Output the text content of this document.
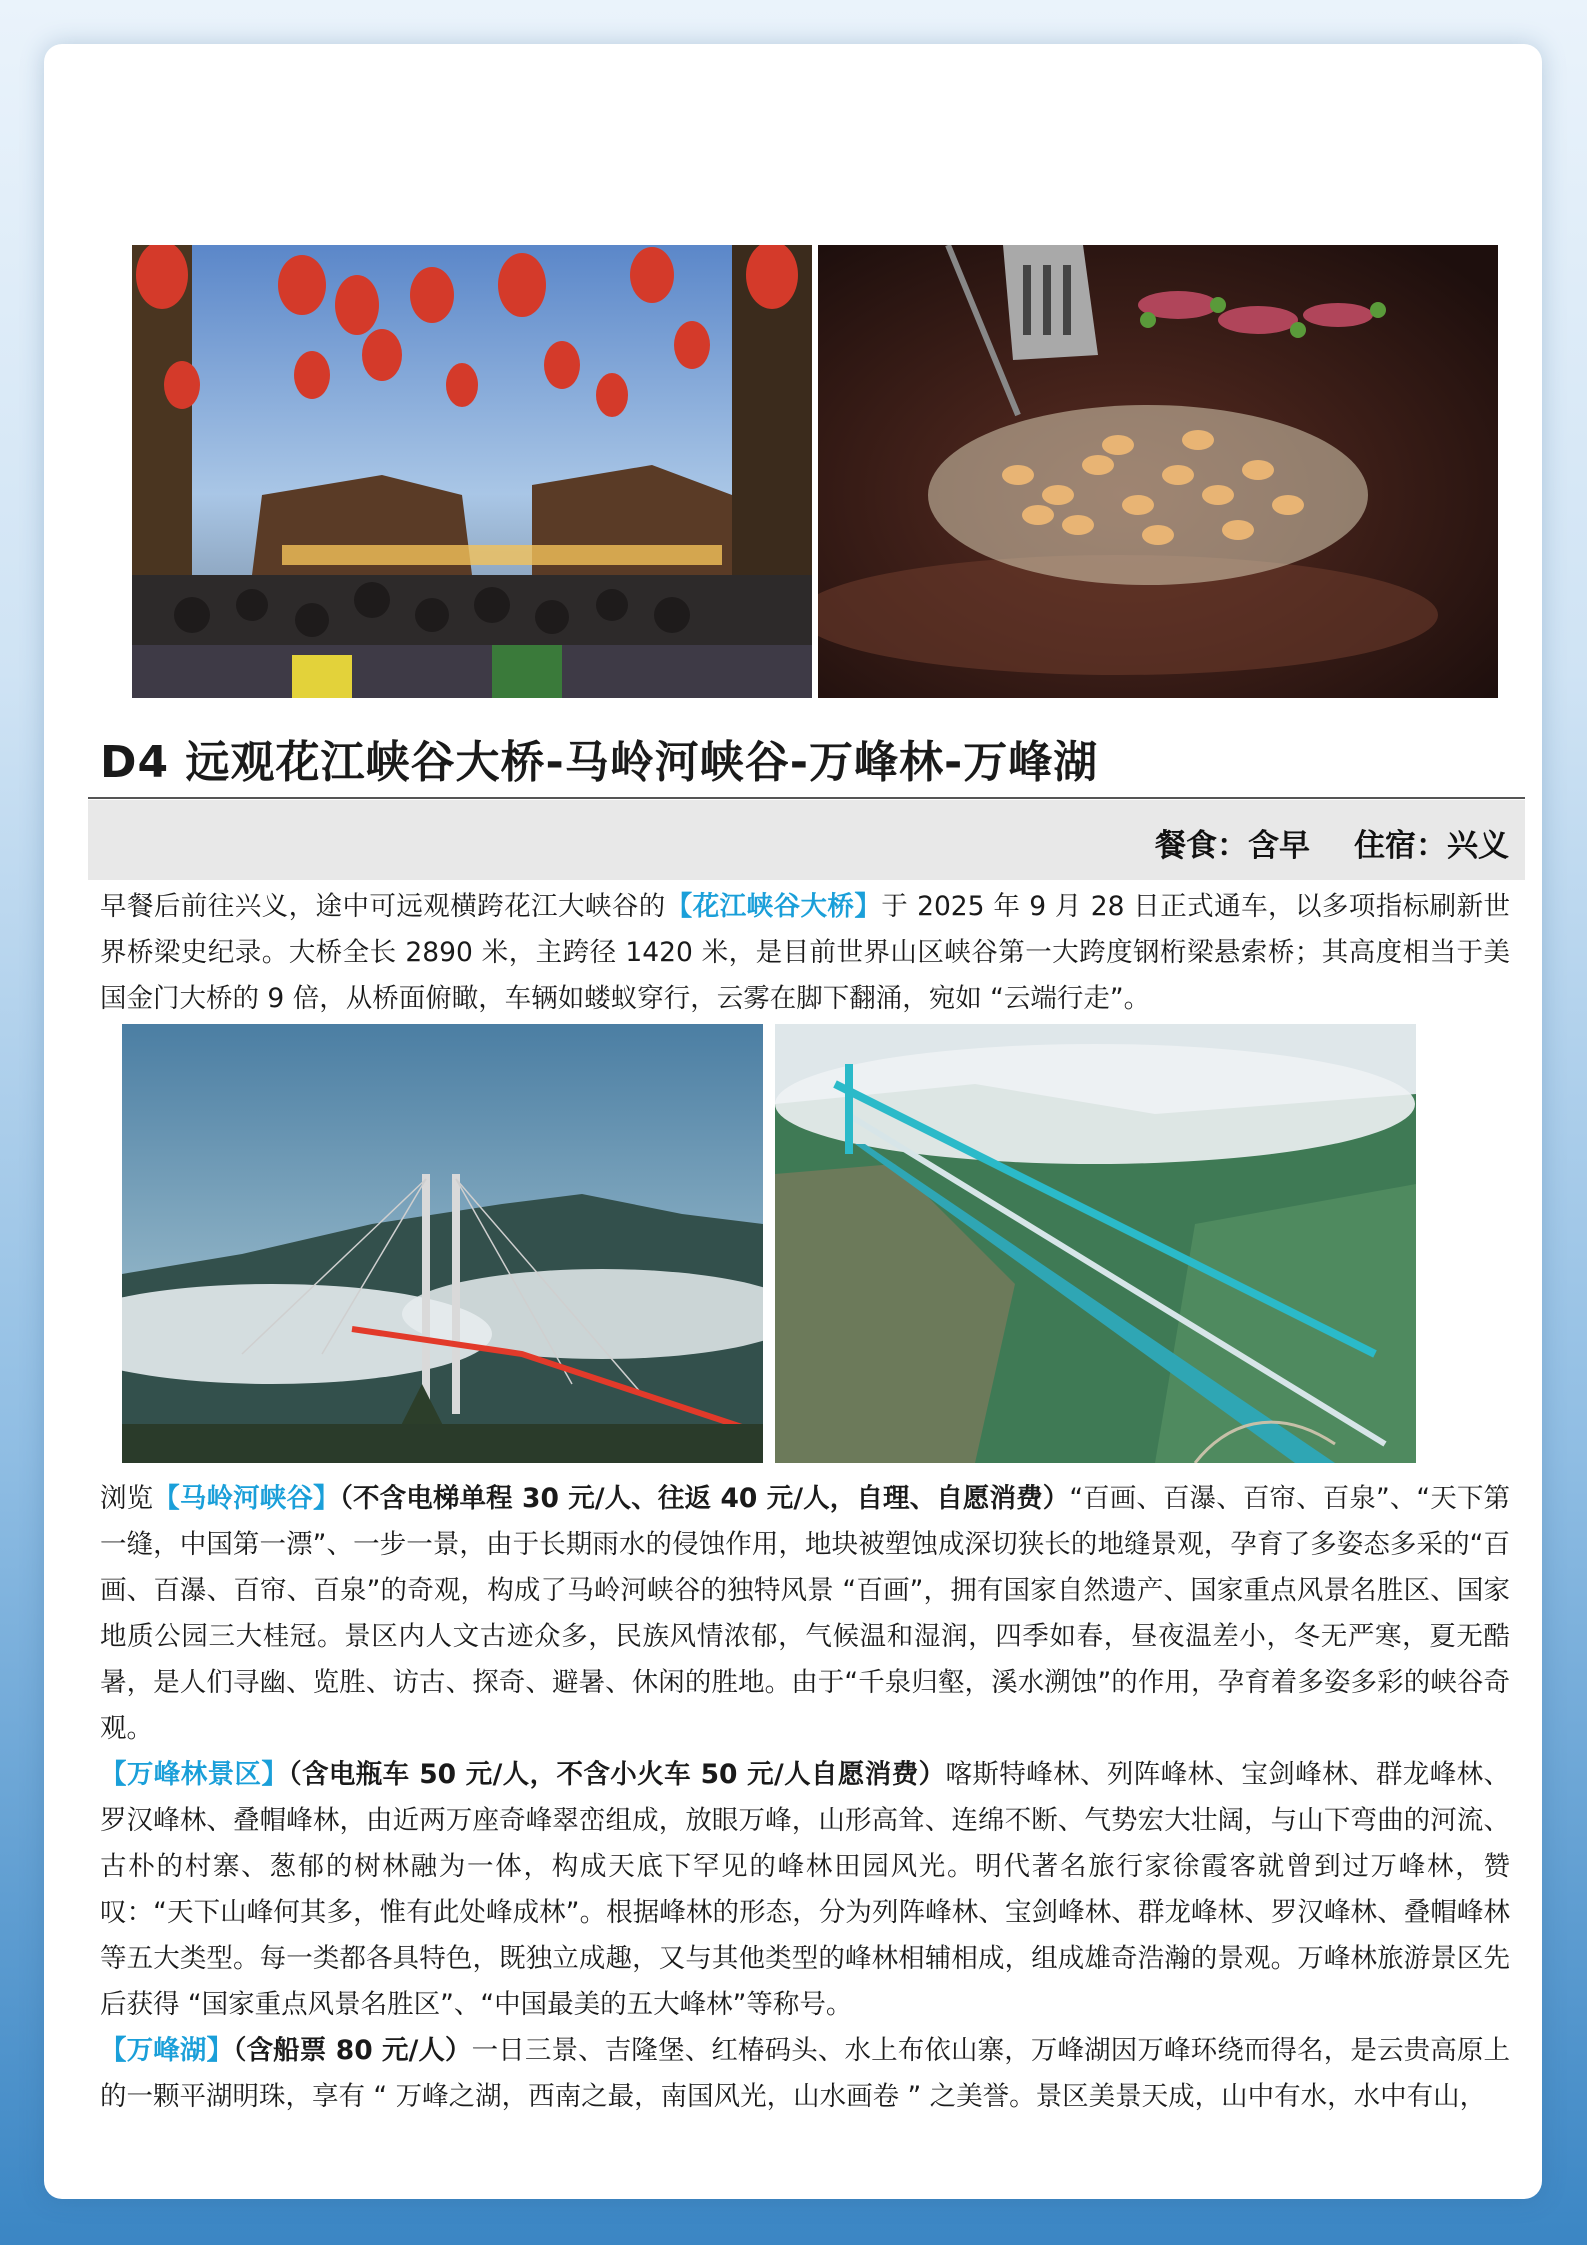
D4 远观花江峡谷大桥-马岭河峡谷-万峰林-万峰湖
餐食：含早 住宿：兴义

早餐后前往兴义，途中可远观横跨花江大峡谷的【花江峡谷大桥】于 2025 年 9 月 28 日正式通车，以多项指标刷新世界桥梁史纪录。大桥全长 2890 米，主跨径 1420 米，是目前世界山区峡谷第一大跨度钢桁梁悬索桥；其高度相当于美国金门大桥的 9 倍，从桥面俯瞰，车辆如蝼蚁穿行，云雾在脚下翻涌，宛如 “云端行走”。

浏览【马岭河峡谷】（不含电梯单程 30 元/人、往返 40 元/人，自理、自愿消费）“百画、百瀑、百帘、百泉”、“天下第一缝，中国第一漂”、一步一景，由于长期雨水的侵蚀作用，地块被塑蚀成深切狭长的地缝景观，孕育了多姿态多采的“百画、百瀑、百帘、百泉”的奇观，构成了马岭河峡谷的独特风景 “百画”，拥有国家自然遗产、国家重点风景名胜区、国家地质公园三大桂冠。景区内人文古迹众多，民族风情浓郁，气候温和湿润，四季如春，昼夜温差小，冬无严寒，夏无酷暑，是人们寻幽、览胜、访古、探奇、避暑、休闲的胜地。由于“千泉归壑，溪水溯蚀”的作用，孕育着多姿多彩的峡谷奇观。

【万峰林景区】（含电瓶车 50 元/人，不含小火车 50 元/人自愿消费）喀斯特峰林、列阵峰林、宝剑峰林、群龙峰林、罗汉峰林、叠帽峰林，由近两万座奇峰翠峦组成，放眼万峰，山形高耸、连绵不断、气势宏大壮阔，与山下弯曲的河流、古朴的村寨、葱郁的树林融为一体，构成天底下罕见的峰林田园风光。明代著名旅行家徐霞客就曾到过万峰林，赞叹：“天下山峰何其多，惟有此处峰成林”。根据峰林的形态，分为列阵峰林、宝剑峰林、群龙峰林、罗汉峰林、叠帽峰林等五大类型。每一类都各具特色，既独立成趣，又与其他类型的峰林相辅相成，组成雄奇浩瀚的景观。万峰林旅游景区先后获得 “国家重点风景名胜区”、“中国最美的五大峰林”等称号。

【万峰湖】（含船票 80 元/人）一日三景、吉隆堡、红椿码头、水上布依山寨，万峰湖因万峰环绕而得名，是云贵高原上的一颗平湖明珠，享有 “ 万峰之湖，西南之最，南国风光，山水画卷 ” 之美誉。景区美景天成，山中有水，水中有山，
